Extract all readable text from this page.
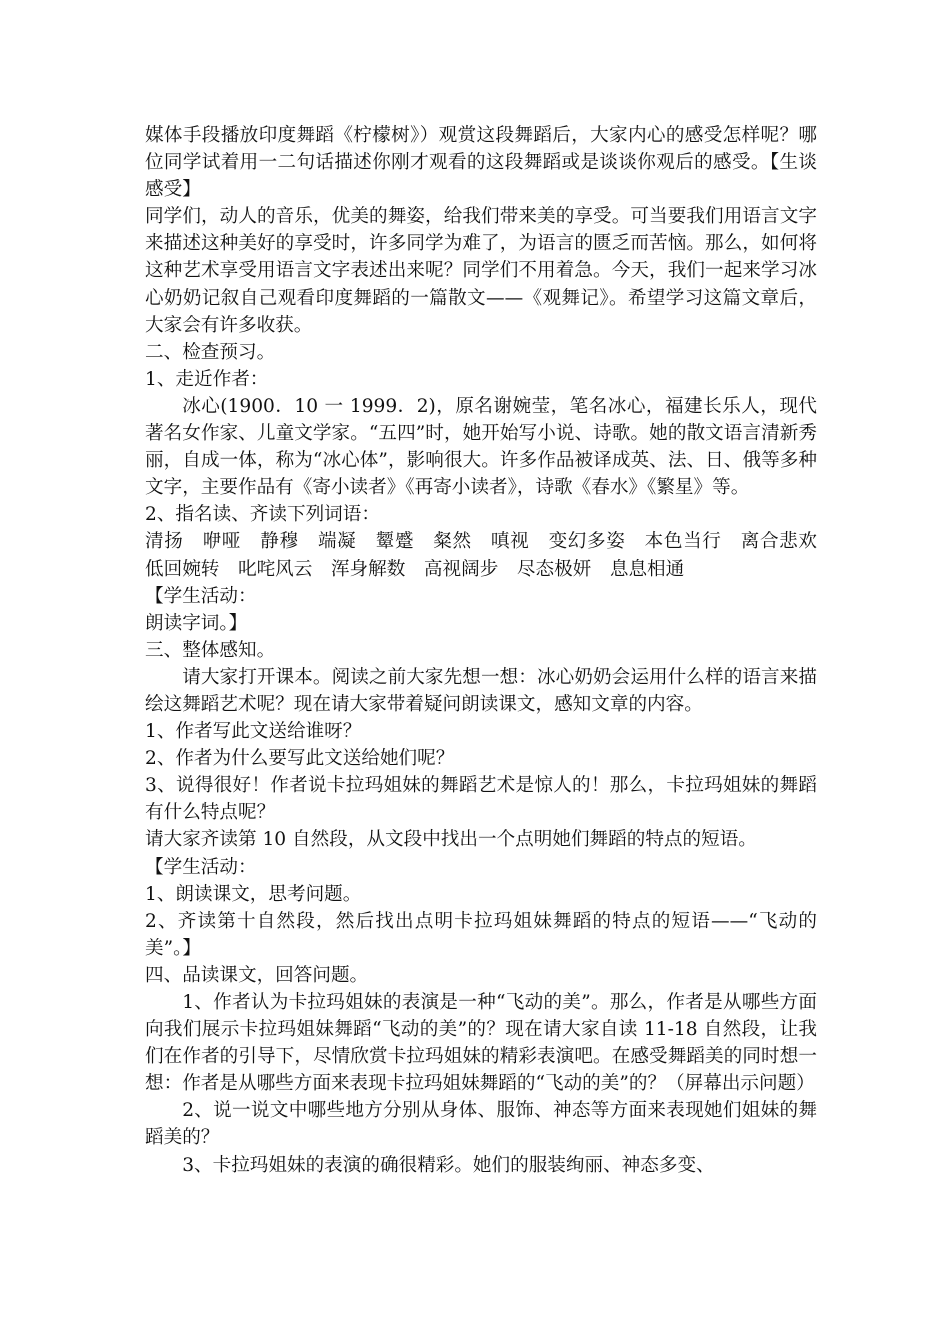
媒体手段播放印度舞蹈《柠檬树》）观赏这段舞蹈后，大家内心的感受怎样呢？哪位同学试着用一二句话描述你刚才观看的这段舞蹈或是谈谈你观后的感受。【生谈感受】

同学们，动人的音乐，优美的舞姿，给我们带来美的享受。可当要我们用语言文字来描述这种美好的享受时，许多同学为难了，为语言的匮乏而苦恼。那么，如何将这种艺术享受用语言文字表述出来呢？同学们不用着急。今天，我们一起来学习冰心奶奶记叙自己观看印度舞蹈的一篇散文——《观舞记》。希望学习这篇文章后，大家会有许多收获。

二、检查预习。

1、走近作者：

冰心(1900．10 一 1999．2)，原名谢婉莹，笔名冰心，福建长乐人，现代著名女作家、儿童文学家。“五四”时，她开始写小说、诗歌。她的散文语言清新秀丽，自成一体，称为“冰心体”，影响很大。许多作品被译成英、法、日、俄等多种文字，主要作品有《寄小读者》《再寄小读者》，诗歌《春水》《繁星》等。

2、指名读、齐读下列词语：

清扬　咿哑　静穆　端凝　颦蹙　粲然　嗔视　变幻多姿　本色当行　离合悲欢　低回婉转　叱咤风云　浑身解数　高视阔步　尽态极妍　息息相通

【学生活动：

朗读字词。】

三、整体感知。

请大家打开课本。阅读之前大家先想一想：冰心奶奶会运用什么样的语言来描绘这舞蹈艺术呢？现在请大家带着疑问朗读课文，感知文章的内容。

1、作者写此文送给谁呀？

2、作者为什么要写此文送给她们呢？

3、说得很好！作者说卡拉玛姐妹的舞蹈艺术是惊人的！那么，卡拉玛姐妹的舞蹈有什么特点呢？

请大家齐读第 10 自然段，从文段中找出一个点明她们舞蹈的特点的短语。

【学生活动：

1、朗读课文，思考问题。

2、齐读第十自然段，然后找出点明卡拉玛姐妹舞蹈的特点的短语——“飞动的美”。】

四、品读课文，回答问题。

1、作者认为卡拉玛姐妹的表演是一种“飞动的美”。那么，作者是从哪些方面向我们展示卡拉玛姐妹舞蹈“飞动的美”的？现在请大家自读 11-18 自然段，让我们在作者的引导下，尽情欣赏卡拉玛姐妹的精彩表演吧。在感受舞蹈美的同时想一想：作者是从哪些方面来表现卡拉玛姐妹舞蹈的“飞动的美”的？（屏幕出示问题）

2、说一说文中哪些地方分别从身体、服饰、神态等方面来表现她们姐妹的舞蹈美的？

3、卡拉玛姐妹的表演的确很精彩。她们的服装绚丽、神态多变、
